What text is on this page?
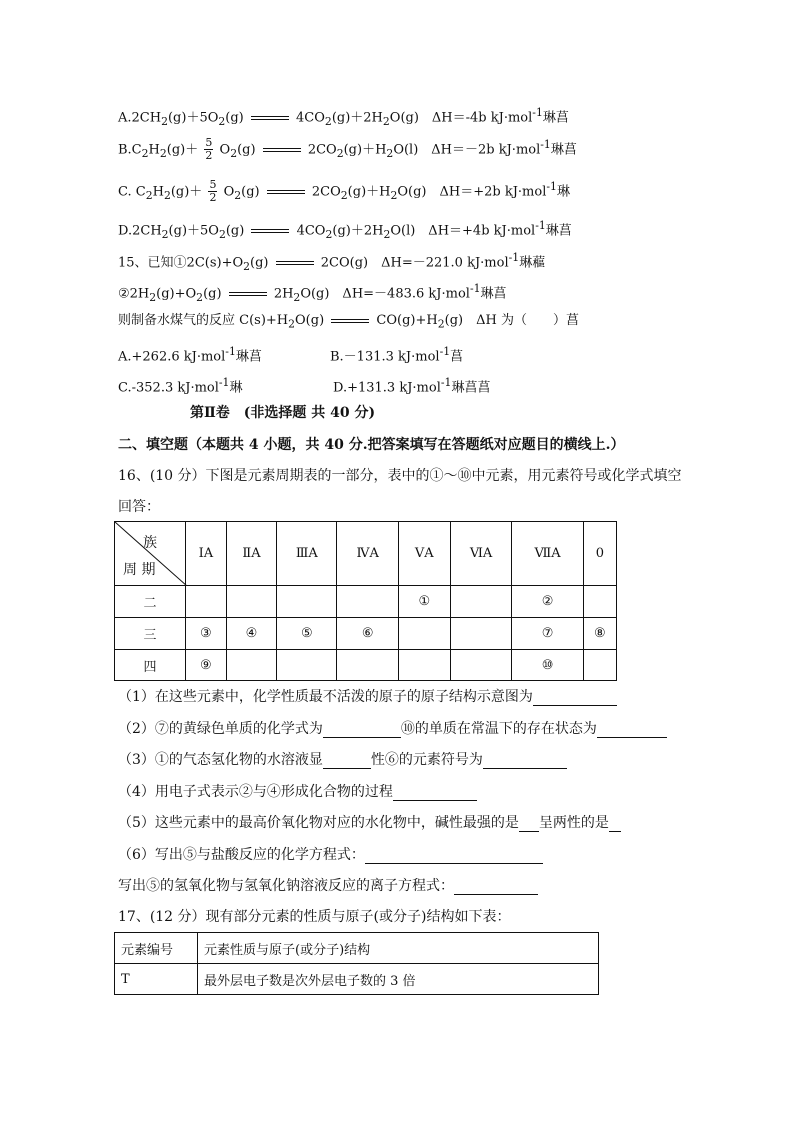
$A.2CH_2(g)+5O_2(g)$	$4CO_2(g)+2H_2O(g)$　ΔH＝-4b kJ·mol$^{-1}$琳菖
$B.C_2H_2(g)+ \frac{5}{2} O_2(g)$	$2CO_2(g)+H_2O(l)$　ΔH＝－2b kJ·mol$^{-1}$琳菖
C. $C_2H_2(g)+ \frac{5}{2} O_2(g)$	$2CO_2(g)+H_2O(g)$　ΔH＝+2b kJ·mol$^{-1}$琳
$D.2CH_2(g)+5O_2(g)$	$4CO_2(g)+2H_2O(l)$　ΔH＝+4b kJ·mol$^{-1}$琳菖
15、已知$①2C(s)+O_2(g)$	2CO(g)　ΔH=－221.0 kJ·mol$^{-1}$琳藲
$②2H_2(g)+O_2(g)$	$2H_2O(g)$　ΔH=－483.6 kJ·mol$^{-1}$琳菖
则制备水煤气的反应 $C(s)+H_2O(g)$	$CO(g)+H_2(g)$　ΔH 为（　　）菖
A.+262.6 kJ·mol$^{-1}$琳菖	B.－131.3 kJ·mol$^{-1}$菖
C.-352.3 kJ·mol$^{-1}$琳	D.+131.3 kJ·mol$^{-1}$琳菖菖
第Ⅱ卷　(非选择题 共 40 分)
二、填空题（本题共 4 小题，共 40 分.把答案填写在答题纸对应题目的横线上.）
16、(10 分）下图是元素周期表的一部分，表中的①～⑩中元素，用元素符号或化学式填空
回答：
族
周 期	ⅠA	ⅡA	ⅢA	ⅣA	ⅤA	ⅥA	ⅦA	0
二					①		②	
三	③	④	⑤	⑥			⑦	⑧
四	⑨						⑩	
（1）在这些元素中，化学性质最不活泼的原子的原子结构示意图为
（2）⑦的黄绿色单质的化学式为	⑩的单质在常温下的存在状态为
（3）①的气态氢化物的水溶液显	性⑥的元素符号为
（4）用电子式表示②与④形成化合物的过程
（5）这些元素中的最高价氧化物对应的水化物中，碱性最强的是 呈两性的是
（6）写出⑤与盐酸反应的化学方程式：
写出⑤的氢氧化物与氢氧化钠溶液反应的离子方程式：
17、(12 分）现有部分元素的性质与原子(或分子)结构如下表：
元素编号	元素性质与原子(或分子)结构
T	最外层电子数是次外层电子数的 3 倍
